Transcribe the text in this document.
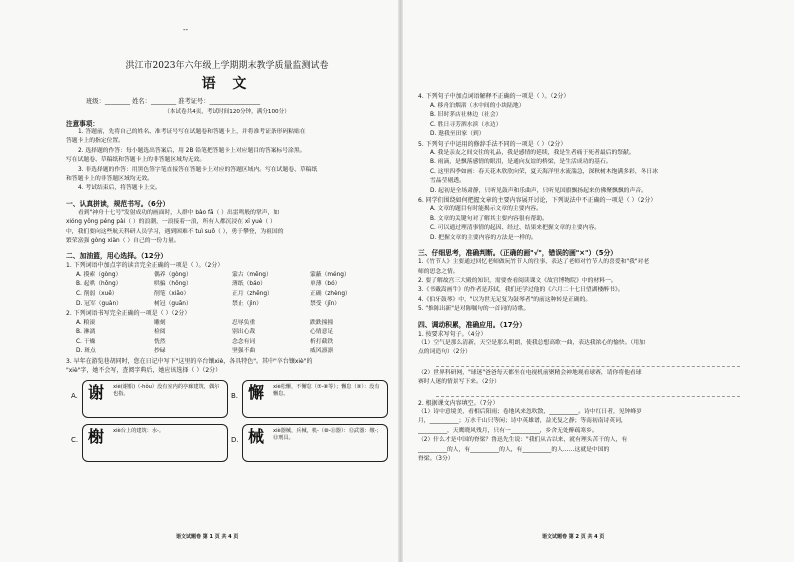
--

洪江市2023年六年级上学期期末教学质量监测试卷

语 文

班级：________ 姓名：________ 准考证号：________________

（本试卷共4页，考试时间120分钟，满分100分）

注意事项：

1. 答题前，先将自己的姓名、准考证号写在试题卷和答题卡上，并将准考证条形码粘贴在

答题卡上的指定位置。

2. 选择题的作答：每小题选出答案后，用 2B 铅笔把答题卡上对应题目的答案标号涂黑。

写在试题卷、草稿纸和答题卡上的非答题区域均无效。

3. 非选择题的作答：用黑色签字笔直接答在答题卡上对应的答题区域内。写在试题卷、草稿纸

和答题卡上的非答题区域均无效。

4. 考试结束后，将答题卡上交。

一、认真拼读，规范书写。（6分）

看到"神舟十七号"发射成功的画面时，人群中 bào fā（ ）出雷鸣般的掌声，如

xióng yǒng péng pài（ ）的浪潮，一浪接着一浪，所有人都沉浸在 xī yuè（ ）

中，我们要向这些航天科研人员学习，遇到困难不 tuì suō（ ），勇于攀登，为祖国的

繁荣富强 gòng xiàn（ ）自己的一份力量。

二、加油篮，用心选择。（12分）

1. 下列词语中加点字的读音完全正确的一项是（ ）。（2分）

A. 摸索（gòng）	偶养（gòng）	蒙古（mēng）	蒙蔽（méng）
B. 起哄（hōng）	哄骗（hǒng）	薄纸（báo）	单薄（bó）
C. 削弱（xuē）	削笔（xiāo）	正月（zhēng）	正确（zhèng）
D. 冠军（guàn）	树冠（guān）	禁止（jìn）	禁受（jīn）

2. 下列词语书写完全正确的一项是（ ）（2分）

A. 粮滚	雕刻	忍辱负重	跌跌撞撞
B. 淋漓	检阅	别出心裁	心情意足
C. 干燥	恍然	念念有词	析打截铁
D. 斑点	抄碌	坚强不曲	威风凛凛

3. 早年在游览巷胡同时，您在日记中写下"这里的卒台镶xiè，各具特色"。其中"卒台镶xiè"的

"xiè"字，她不会写，查阅字典后，她应该选择（ ）（2分）

A. 谢 xiè(谢船)（-hǒu）没有室内的亭廊建筑，偶尔也指。	B. 懈 xiè松懈，不懈怠（⑦-⑧等）；懈怠（⑨）：没有懈怠。
C. 榭 xiè台上的建筑：水-。
D. 械 xiè器械，兵械，机-（⑩-⑪器）：⑫武器：缴-；⑬刑具。
语文试题卷 第 1 页 共 4 页

4. 下列句子中加点词语解释不正确的一项是（ ）。（2分）

A. 移舟泊烟渚（水中间的小块陆地）

B. 旧时茅店社林边（社会）

C. 胜日寻芳泗水滨（水边）

D. 遨我至田家（到）

5. 下列句子中运用的修辞手法不同的一项是（ ）（2分）

A. 我是亲友之间交往的礼品，我是感情的延续，我是生者痛于死者最后的祭献。

B. 雨滴，是飘落感情的眼泪，是通向友谊的桥梁，是生活成功的基石。

C. 这里四季如画：春天花木欣欣向荣，夏天海洋里水流湍急，深秋树木饱满多彩，冬日冰

雪晶莹剔透。

D. 起初是全场肃静，只听见鼓声和乐曲声，只听见国旗飘扬起来仿佛聚飘飘的声音。

6. 同学们围绕如何把握文章的主要内容展开讨论，下列说法中不正确的一项是（ ）（2分）

A. 文章的题目有时能揭示文章的主要内容。

B. 文章的关键句对了解其主要内容很有帮助。

C. 可以通过理清事情的起因、经过、结果来把握文章的主要内容。

D. 把握文章的主要内容的方法是一样的。

三、仔细思考，准确判断。（正确的画"√"，错误的画"×"）（5分）

1.《竹节人》主要通过回忆老师做玩竹节人的往事，表达了老师对竹节人的喜爱和"我"对老

师的思念之情。

2. 要了解故宫三大殿的知识，需要查看阅读课文《故宫博物院》中的材料一。

3.《书戴嵩画牛》的作者是苏轼，我们还学过他的《六月二十七日望湖楼醉书》。

4.《伯牙鼓琴》中，"以为世无足复为鼓琴者"的前这种转是正确的。

5. "推陈出新"是对陈嘱句的一首词的诗歌。

四、调动积累，准确应用。（17分）

1. 按要求写句子。（4分）

（1）空气是那么清新，天空是那么明朗，使我总想高歌一曲，表达我浓心的愉快。（用加

点的词造句）（2分）

（2）世界科研网，"球迷"爸爸每天都坐在电视机前聚精会神地观看球赛，请你将他看球

赛时人迷的情景写下来。（2分）

2. 根据课文内容填空。（7分）

（1）诗中意境美，看相后阳雨；卷地风来忽吹散，__________。诗中红日者，见钟峰岁

月，__________；万水千山只等闲；诗中英雄谱，益光复之静；等南初南诗英词，

__________，天鹰晓风残月，只有一__________，乡舍无处醉疏寒乡。

（2）什么才是中国的脊梁？鲁迅先生说："我们从古以来，就有理头苦干的人，有

__________的人，有__________的人，有__________的人……这就是中国的

脊梁。（3分）

语文试题卷 第 2 页 共 4 页
